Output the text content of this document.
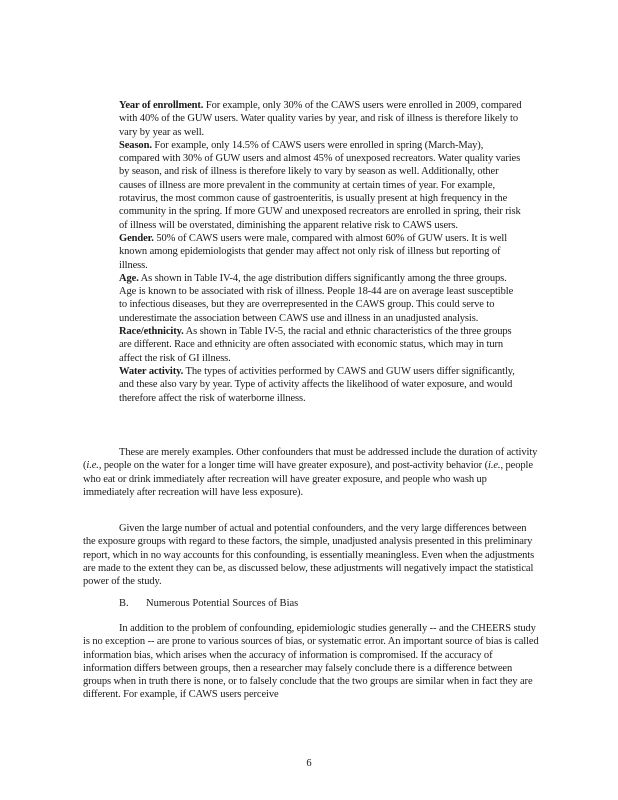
Year of enrollment. For example, only 30% of the CAWS users were enrolled in 2009, compared with 40% of the GUW users. Water quality varies by year, and risk of illness is therefore likely to vary by year as well.

Season. For example, only 14.5% of CAWS users were enrolled in spring (March-May), compared with 30% of GUW users and almost 45% of unexposed recreators. Water quality varies by season, and risk of illness is therefore likely to vary by season as well. Additionally, other causes of illness are more prevalent in the community at certain times of year. For example, rotavirus, the most common cause of gastroenteritis, is usually present at high frequency in the community in the spring. If more GUW and unexposed recreators are enrolled in spring, their risk of illness will be overstated, diminishing the apparent relative risk to CAWS users.

Gender. 50% of CAWS users were male, compared with almost 60% of GUW users. It is well known among epidemiologists that gender may affect not only risk of illness but reporting of illness.

Age. As shown in Table IV-4, the age distribution differs significantly among the three groups. Age is known to be associated with risk of illness. People 18-44 are on average least susceptible to infectious diseases, but they are overrepresented in the CAWS group. This could serve to underestimate the association between CAWS use and illness in an unadjusted analysis.

Race/ethnicity. As shown in Table IV-5, the racial and ethnic characteristics of the three groups are different. Race and ethnicity are often associated with economic status, which may in turn affect the risk of GI illness.

Water activity. The types of activities performed by CAWS and GUW users differ significantly, and these also vary by year. Type of activity affects the likelihood of water exposure, and would therefore affect the risk of waterborne illness.

These are merely examples. Other confounders that must be addressed include the duration of activity (i.e., people on the water for a longer time will have greater exposure), and post-activity behavior (i.e., people who eat or drink immediately after recreation will have greater exposure, and people who wash up immediately after recreation will have less exposure).

Given the large number of actual and potential confounders, and the very large differences between the exposure groups with regard to these factors, the simple, unadjusted analysis presented in this preliminary report, which in no way accounts for this confounding, is essentially meaningless. Even when the adjustments are made to the extent they can be, as discussed below, these adjustments will negatively impact the statistical power of the study.

B. Numerous Potential Sources of Bias

In addition to the problem of confounding, epidemiologic studies generally -- and the CHEERS study is no exception -- are prone to various sources of bias, or systematic error. An important source of bias is called information bias, which arises when the accuracy of information is compromised. If the accuracy of information differs between groups, then a researcher may falsely conclude there is a difference between groups when in truth there is none, or to falsely conclude that the two groups are similar when in fact they are different. For example, if CAWS users perceive

6
